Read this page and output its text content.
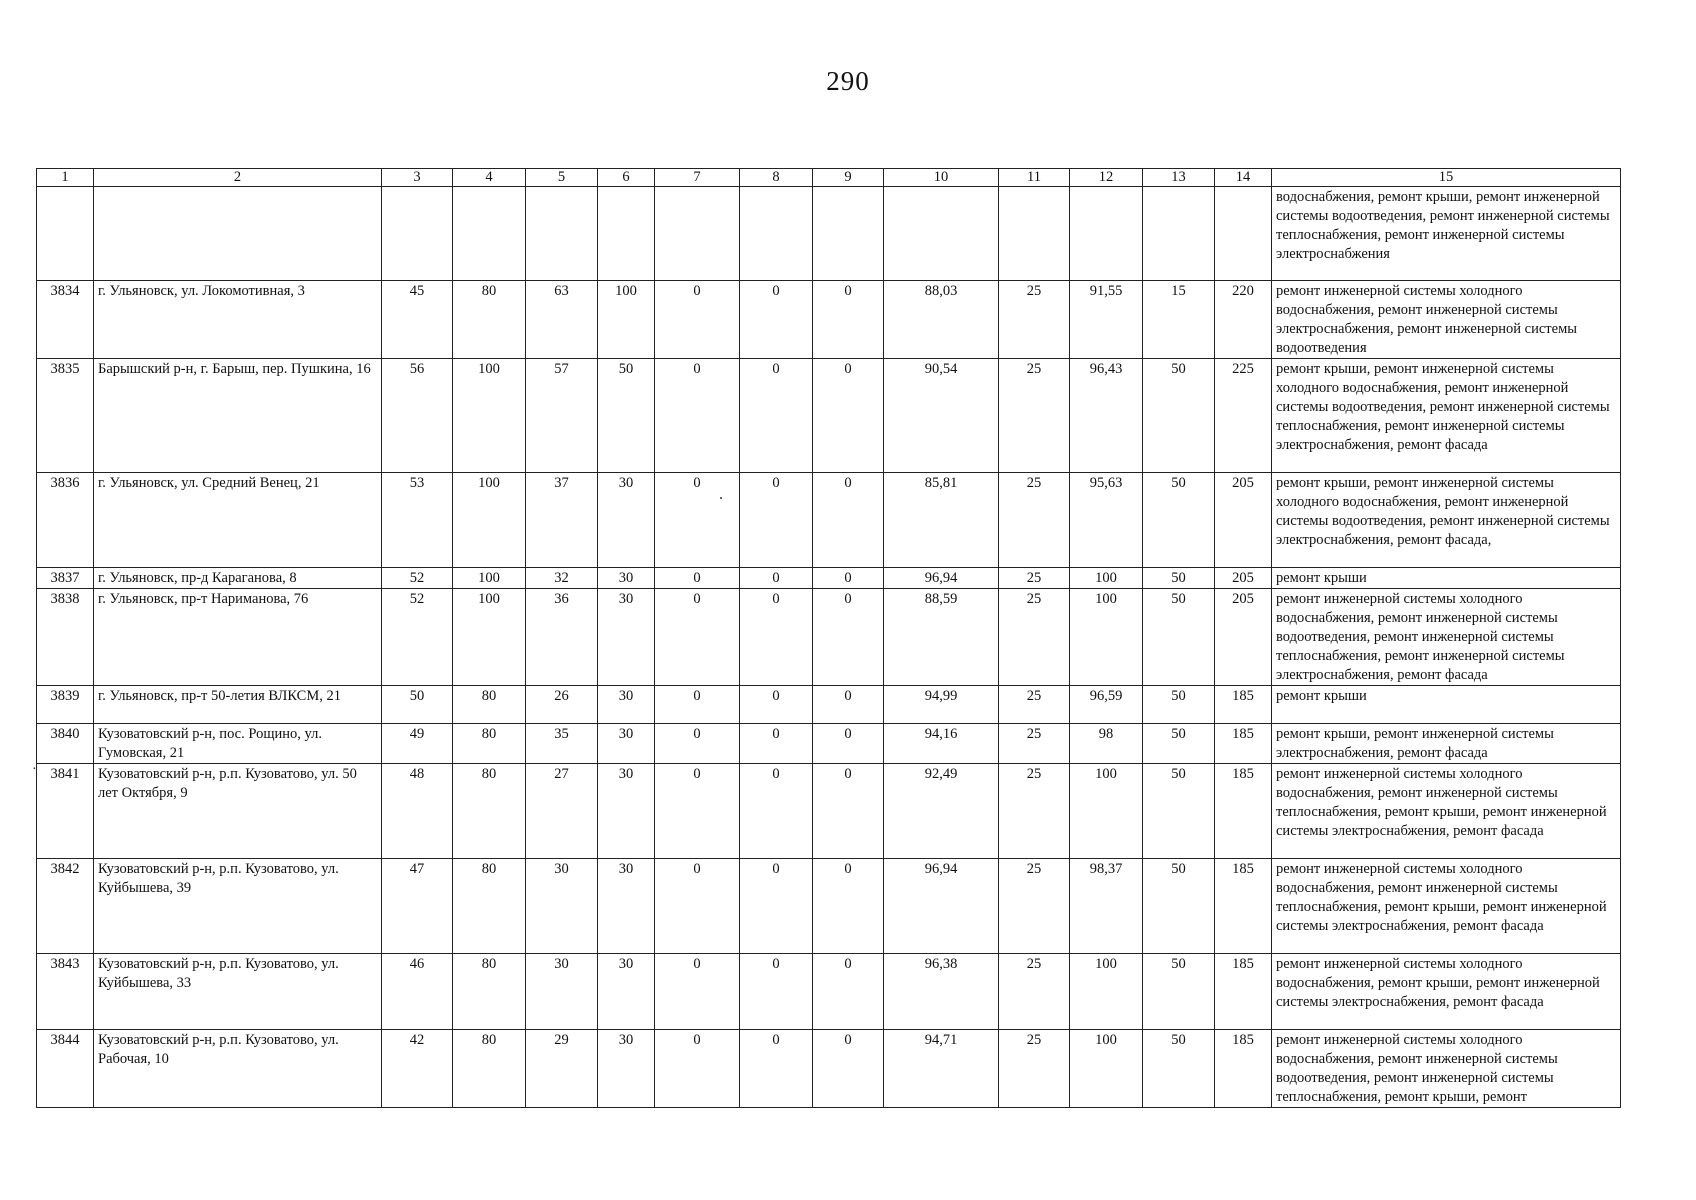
290
1	2	3	4	5	6	7	8	9	10	11	12	13	14	15
														водоснабжения, ремонт крыши, ремонт инженерной системы водоотведения, ремонт инженерной системы теплоснабжения, ремонт инженерной системы электроснабжения
3834	г. Ульяновск, ул. Локомотивная, 3	45	80	63	100	0	0	0	88,03	25	91,55	15	220	ремонт инженерной системы холодного водоснабжения, ремонт инженерной системы электроснабжения, ремонт инженерной системы водоотведения
3835	Барышский р-н, г. Барыш, пер. Пушкина, 16	56	100	57	50	0	0	0	90,54	25	96,43	50	225	ремонт крыши, ремонт инженерной системы холодного водоснабжения, ремонт инженерной системы водоотведения, ремонт инженерной системы теплоснабжения, ремонт инженерной системы электроснабжения, ремонт фасада
3836	г. Ульяновск, ул. Средний Венец, 21	53	100	37	30	0	0	0	85,81	25	95,63	50	205	ремонт крыши, ремонт инженерной системы холодного водоснабжения, ремонт инженерной системы водоотведения, ремонт инженерной системы электроснабжения, ремонт фасада,
3837	г. Ульяновск, пр-д Караганова, 8	52	100	32	30	0	0	0	96,94	25	100	50	205	ремонт крыши
3838	г. Ульяновск, пр-т Нариманова, 76	52	100	36	30	0	0	0	88,59	25	100	50	205	ремонт инженерной системы холодного водоснабжения, ремонт инженерной системы водоотведения, ремонт инженерной системы теплоснабжения, ремонт инженерной системы электроснабжения, ремонт фасада
3839	г. Ульяновск, пр-т 50-летия ВЛКСМ, 21	50	80	26	30	0	0	0	94,99	25	96,59	50	185	ремонт крыши
3840	Кузоватовский р-н, пос. Рощино, ул. Гумовская, 21	49	80	35	30	0	0	0	94,16	25	98	50	185	ремонт крыши, ремонт инженерной системы электроснабжения, ремонт фасада
3841	Кузоватовский р-н, р.п. Кузоватово, ул. 50 лет Октября, 9	48	80	27	30	0	0	0	92,49	25	100	50	185	ремонт инженерной системы холодного водоснабжения, ремонт инженерной системы теплоснабжения, ремонт крыши, ремонт инженерной системы электроснабжения, ремонт фасада
3842	Кузоватовский р-н, р.п. Кузоватово, ул. Куйбышева, 39	47	80	30	30	0	0	0	96,94	25	98,37	50	185	ремонт инженерной системы холодного водоснабжения, ремонт инженерной системы теплоснабжения, ремонт крыши, ремонт инженерной системы электроснабжения, ремонт фасада
3843	Кузоватовский р-н, р.п. Кузоватово, ул. Куйбышева, 33	46	80	30	30	0	0	0	96,38	25	100	50	185	ремонт инженерной системы холодного водоснабжения, ремонт крыши, ремонт инженерной системы электроснабжения, ремонт фасада
3844	Кузоватовский р-н, р.п. Кузоватово, ул. Рабочая, 10	42	80	29	30	0	0	0	94,71	25	100	50	185	ремонт инженерной системы холодного водоснабжения, ремонт инженерной системы водоотведения, ремонт инженерной системы теплоснабжения, ремонт крыши, ремонт
·
